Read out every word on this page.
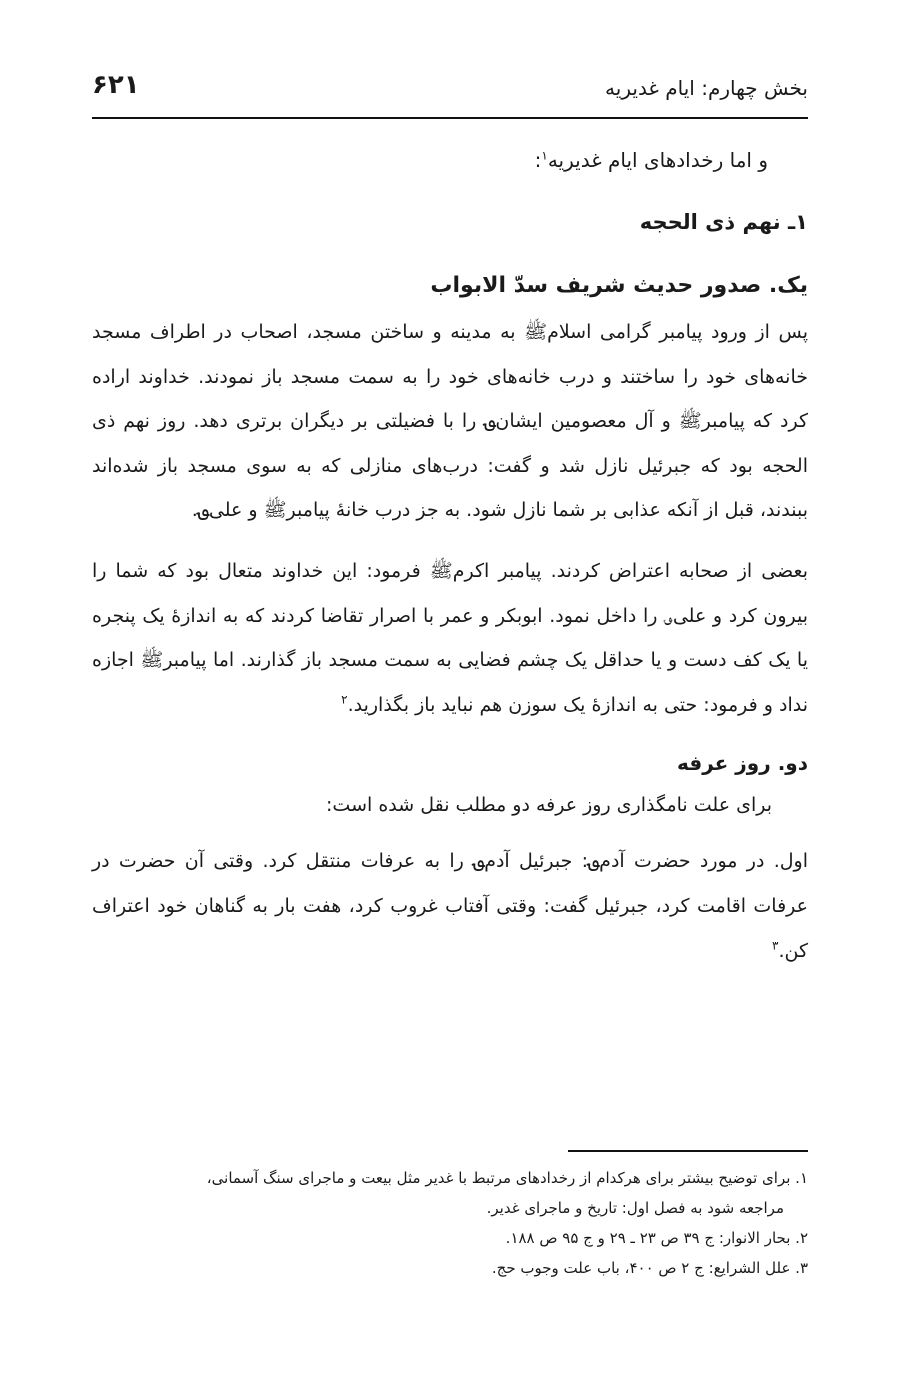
بخش چهارم: ایام غدیریه
۶۲۱

و اما رخدادهای ایام غدیریه$^۱$:

۱ـ نهم ذی الحجه
یک. صدور حدیث شریف سدّ الابواب

پس از ورود پیامبر گرامی اسلامﷺ به مدینه و ساختن مسجد، اصحاب در اطراف مسجد خانه‌های خود را ساختند و درب خانه‌های خود را به سمت مسجد باز نمودند. خداوند اراده کرد که پیامبرﷺ و آل معصومین ایشان؈ را با فضیلتی بر دیگران برتری دهد. روز نهم ذی الحجه بود که جبرئیل نازل شد و گفت: درب‌های منازلی که به سوی مسجد باز شده‌اند ببندند، قبل از آنکه عذابی بر شما نازل شود. به جز درب خانهٔ پیامبرﷺ و علی؈.

بعضی از صحابه اعتراض کردند. پیامبر اکرمﷺ فرمود: این خداوند متعال بود که شما را بیرون کرد و علی؈ را داخل نمود. ابوبکر و عمر با اصرار تقاضا کردند که به اندازهٔ یک پنجره یا یک کف دست و یا حداقل یک چشم فضایی به سمت مسجد باز گذارند. اما پیامبرﷺ اجازه نداد و فرمود: حتی به اندازهٔ یک سوزن هم نباید باز بگذارید.$^۲$

دو. روز عرفه

برای علت نامگذاری روز عرفه دو مطلب نقل شده است:

اول. در مورد حضرت آدم؈: جبرئیل آدم؈ را به عرفات منتقل کرد. وقتی آن حضرت در عرفات اقامت کرد، جبرئیل گفت: وقتی آفتاب غروب کرد، هفت بار به گناهان خود اعتراف کن.$^۳$

۱. برای توضیح بیشتر برای هرکدام از رخدادهای مرتبط با غدیر مثل بیعت و ماجرای سنگ آسمانی،

مراجعه شود به فصل اول: تاریخ و ماجرای غدیر.

۲. بحار الانوار: ج ۳۹ ص ۲۳ ـ ۲۹ و ج ۹۵ ص ۱۸۸.

۳. علل الشرایع: ج ۲ ص ۴۰۰، باب علت وجوب حج.
